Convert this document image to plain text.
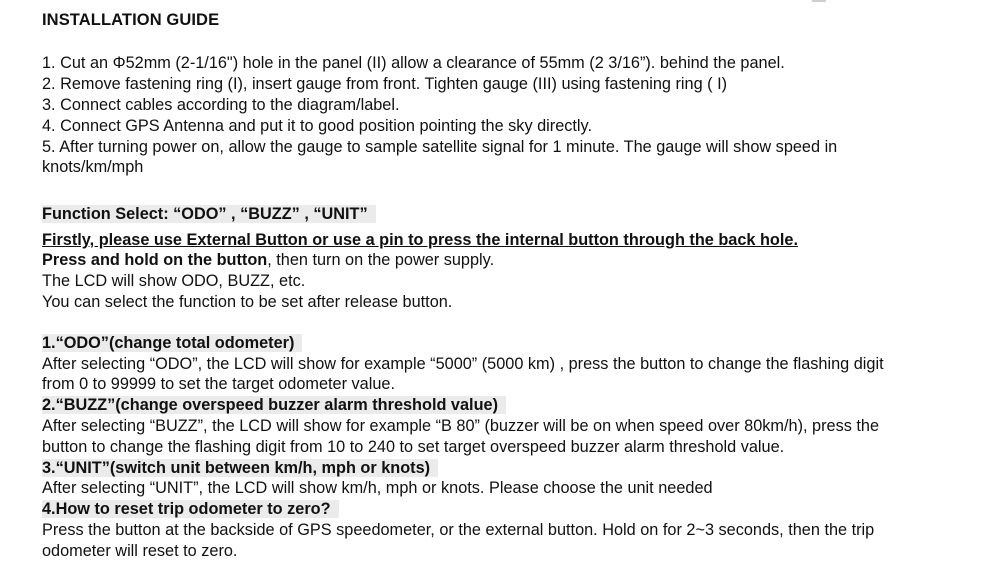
INSTALLATION GUIDE
1. Cut an Φ52mm (2-1/16") hole in the panel (II) allow a clearance of 55mm (2 3/16”). behind the panel.
2. Remove fastening ring (I), insert gauge from front. Tighten gauge (III) using fastening ring ( I)
3. Connect cables according to the diagram/label.
4. Connect GPS Antenna and put it to good position pointing the sky directly.
5. After turning power on, allow the gauge to sample satellite signal for 1 minute. The gauge will show speed in
knots/km/mph
Function Select: “ODO” , “BUZZ” , “UNIT”
Firstly, please use External Button or use a pin to press the internal button through the back hole.
Press and hold on the button, then turn on the power supply.
The LCD will show ODO, BUZZ, etc.
You can select the function to be set after release button.
1.“ODO”(change total odometer)
After selecting “ODO”, the LCD will show for example “5000” (5000 km) , press the button to change the flashing digit
from 0 to 99999 to set the target odometer value.
2.“BUZZ”(change overspeed buzzer alarm threshold value)
After selecting “BUZZ”, the LCD will show for example “B 80” (buzzer will be on when speed over 80km/h), press the
button to change the flashing digit from 10 to 240 to set target overspeed buzzer alarm threshold value.
3.“UNIT”(switch unit between km/h, mph or knots)
After selecting “UNIT”, the LCD will show km/h, mph or knots. Please choose the unit needed
4.How to reset trip odometer to zero?
Press the button at the backside of GPS speedometer, or the external button. Hold on for 2~3 seconds, then the trip
odometer will reset to zero.
